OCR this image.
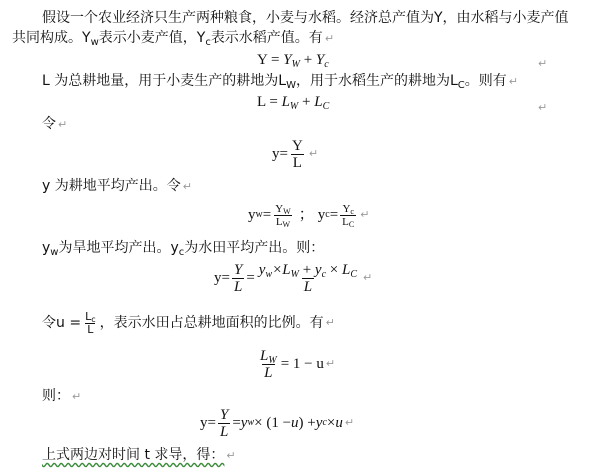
假设一个农业经济只生产两种粮食，小麦与水稻。经济总产值为Y，由水稻与小麦产值
共同构成。$Y_w$表示小麦产值，$Y_c$表示水稻产值。有 ↵
$Y = Y_W + Y_c$	↵
L 为总耕地量，用于小麦生产的耕地为$L_W$，用于水稻生产的耕地为$L_C$。则有 ↵
$L = L_W + L_C$	↵
令 ↵
$y = \frac{Y}{L}$ ↵
y 为耕地平均产出。令 ↵
y $w = \frac{Y_W}{L_W}$ ； y $c = \frac{Y_c}{L_C}$ ↵
$y_w$为旱地平均产出。$y_c$为水田平均产出。则：
$y = \frac{Y}{L} = \frac{y_w\times L_W + y_c \times L_C}{L}$ ↵
令$u = \frac{L_c}{L}$ ，表示水田占总耕地面积的比例。有 ↵
$\frac{L_W}{L} = 1 - u$ ↵
则： ↵
$y = \frac{Y}{L} = y$ w × (1 − u ) + y c × u ↵
上式两边对时间 t 求导，得： ↵
